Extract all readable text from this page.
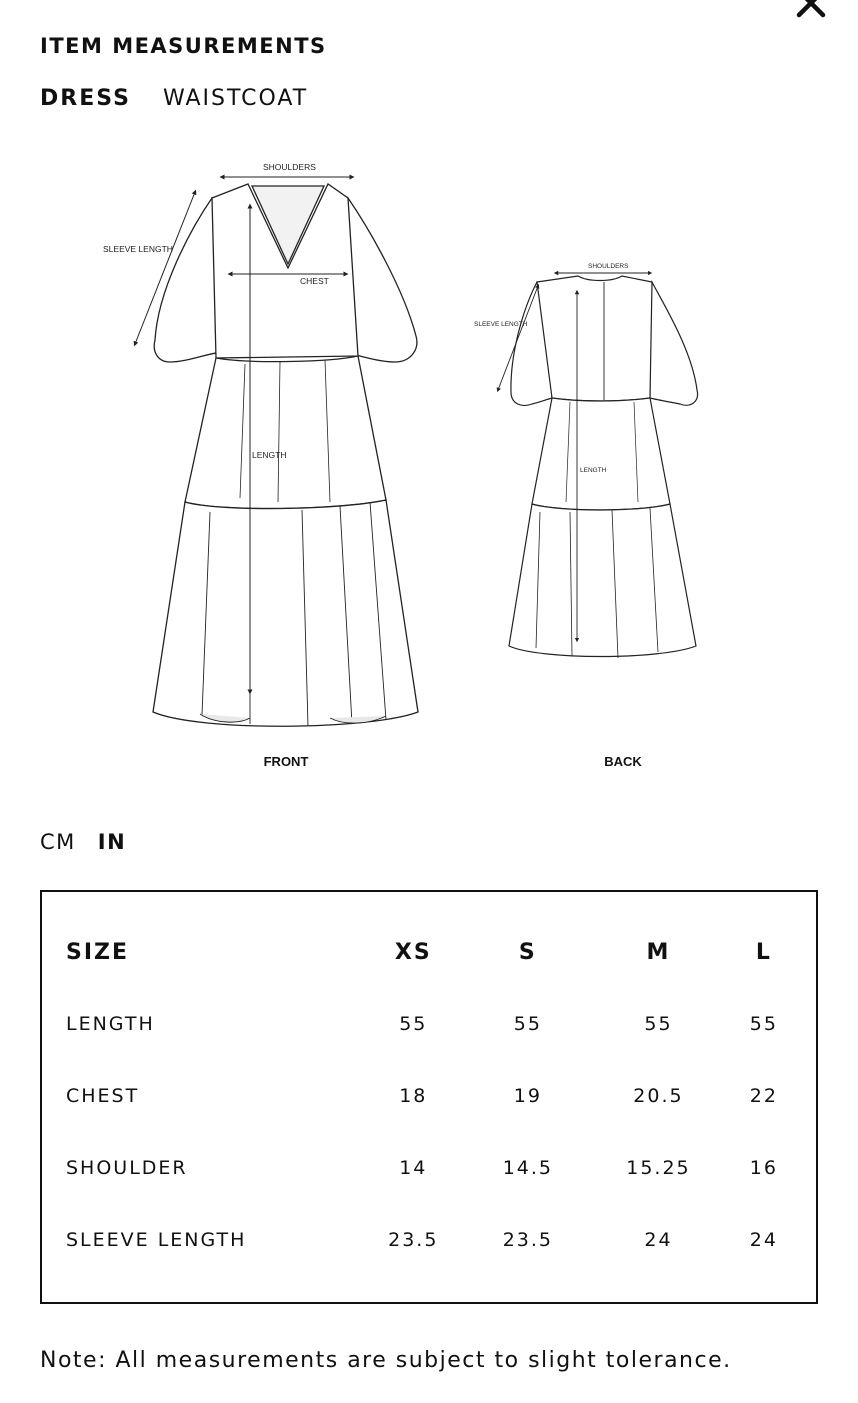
ITEM MEASUREMENTS
DRESS WAISTCOAT
SHOULDERS
CHEST
SLEEVE LENGTH
LENGTH
SHOULDERS
SLEEVE LENGTH
LENGTH
FRONT	BACK
CM IN
SIZE	XS	S	M	L
LENGTH	55	55	55	55
CHEST	18	19	20.5	22
SHOULDER	14	14.5	15.25	16
SLEEVE LENGTH	23.5	23.5	24	24
Note: All measurements are subject to slight tolerance.
